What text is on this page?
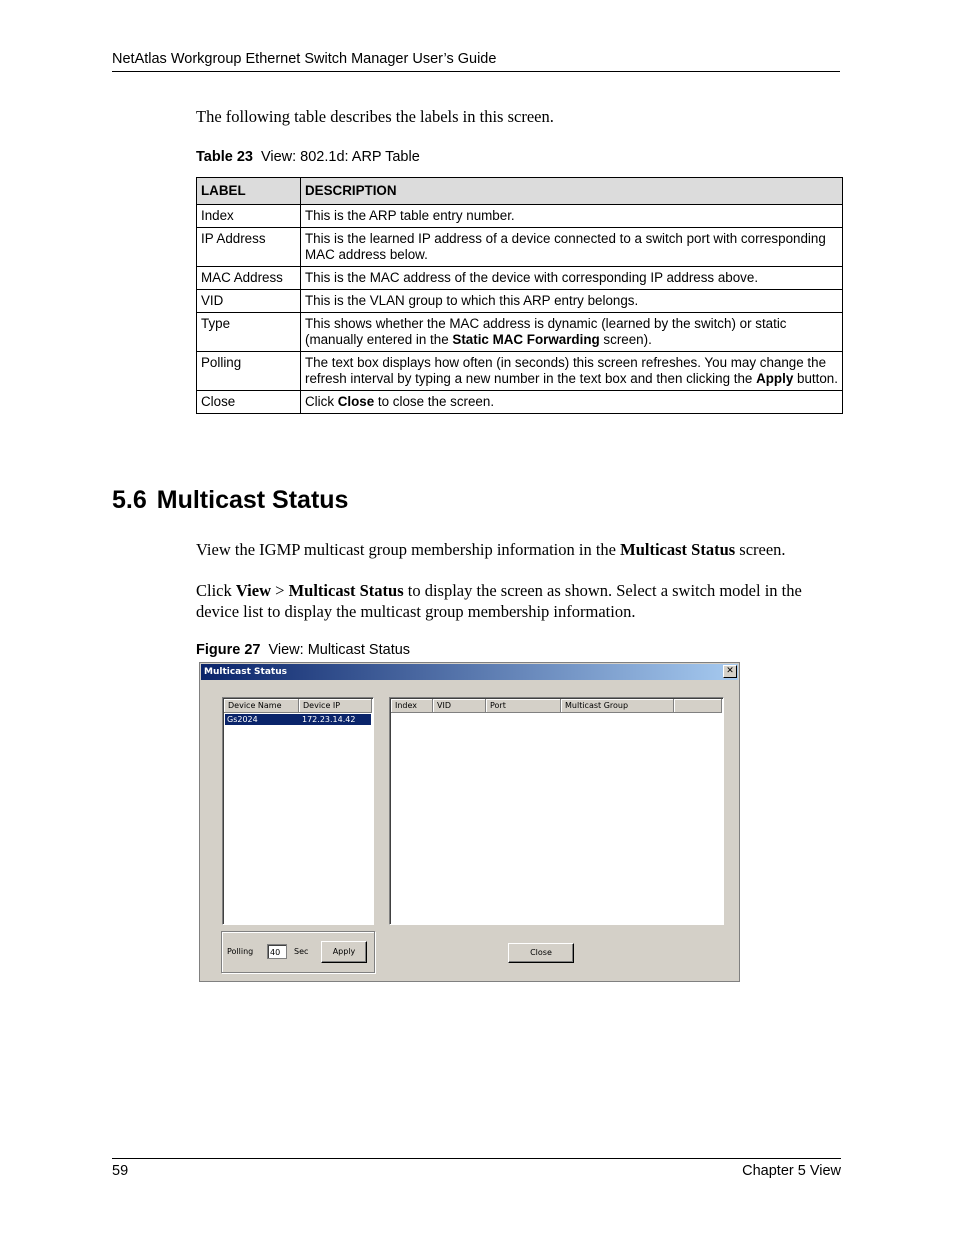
NetAtlas Workgroup Ethernet Switch Manager User’s Guide
The following table describes the labels in this screen.
Table 23 View: 802.1d: ARP Table
LABEL	DESCRIPTION
Index	This is the ARP table entry number.
IP Address	This is the learned IP address of a device connected to a switch port with corresponding MAC address below.
MAC Address	This is the MAC address of the device with corresponding IP address above.
VID	This is the VLAN group to which this ARP entry belongs.
Type	This shows whether the MAC address is dynamic (learned by the switch) or static (manually entered in the Static MAC Forwarding screen).
Polling	The text box displays how often (in seconds) this screen refreshes. You may change the refresh interval by typing a new number in the text box and then clicking the Apply button.
Close	Click Close to close the screen.
5.6 Multicast Status
View the IGMP multicast group membership information in the Multicast Status screen.
Click View > Multicast Status to display the screen as shown. Select a switch model in the device list to display the multicast group membership information.
Figure 27 View: Multicast Status
Multicast Status	✕
Device Name	Device IP
Gs2024	172.23.14.42
Index	VID	Port	Multicast Group
Polling	40	Sec	Apply	Close
59	Chapter 5 View
